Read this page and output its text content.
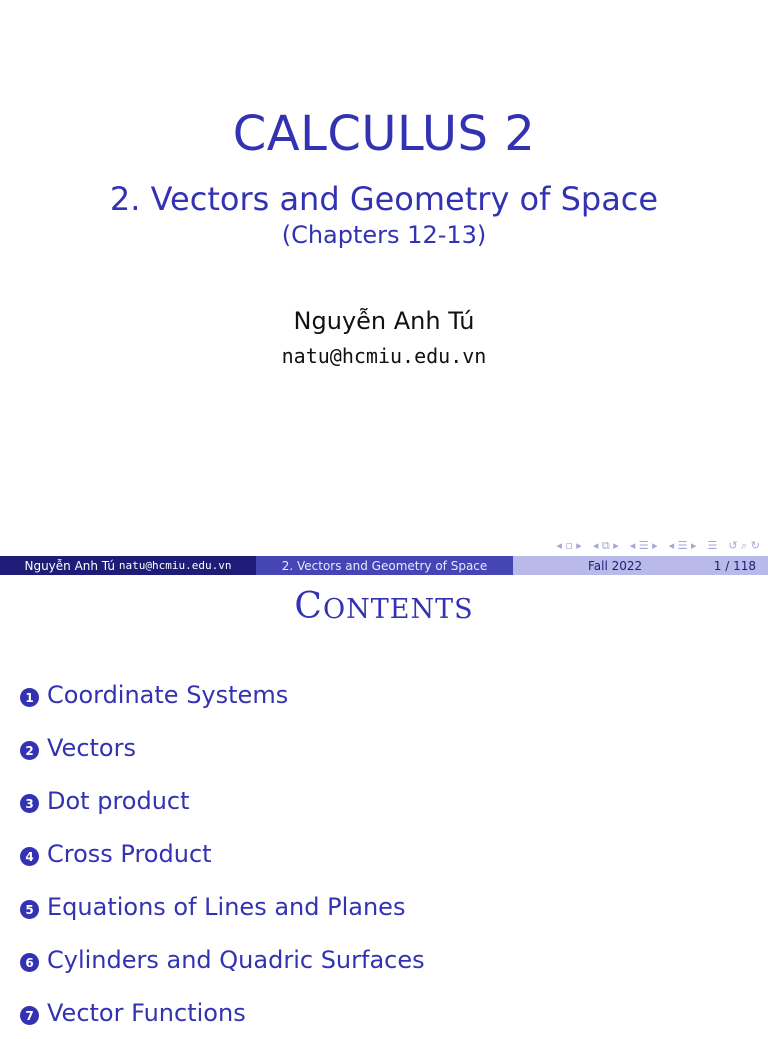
CALCULUS 2
2. Vectors and Geometry of Space
(Chapters 12-13)
Nguyễn Anh Tú
natu@hcmiu.edu.vn
◂ ▫ ▸ ◂ ⧉ ▸ ◂ ☰ ▸ ◂ ☰ ▸ ☰ ↺ ⌕ ↻
Nguyễn Anh Tú natu@hcmiu.edu.vn	2. Vectors and Geometry of Space	Fall 2022	1 / 118
CONTENTS
1 Coordinate Systems
2 Vectors
3 Dot product
4 Cross Product
5 Equations of Lines and Planes
6 Cylinders and Quadric Surfaces
7 Vector Functions
